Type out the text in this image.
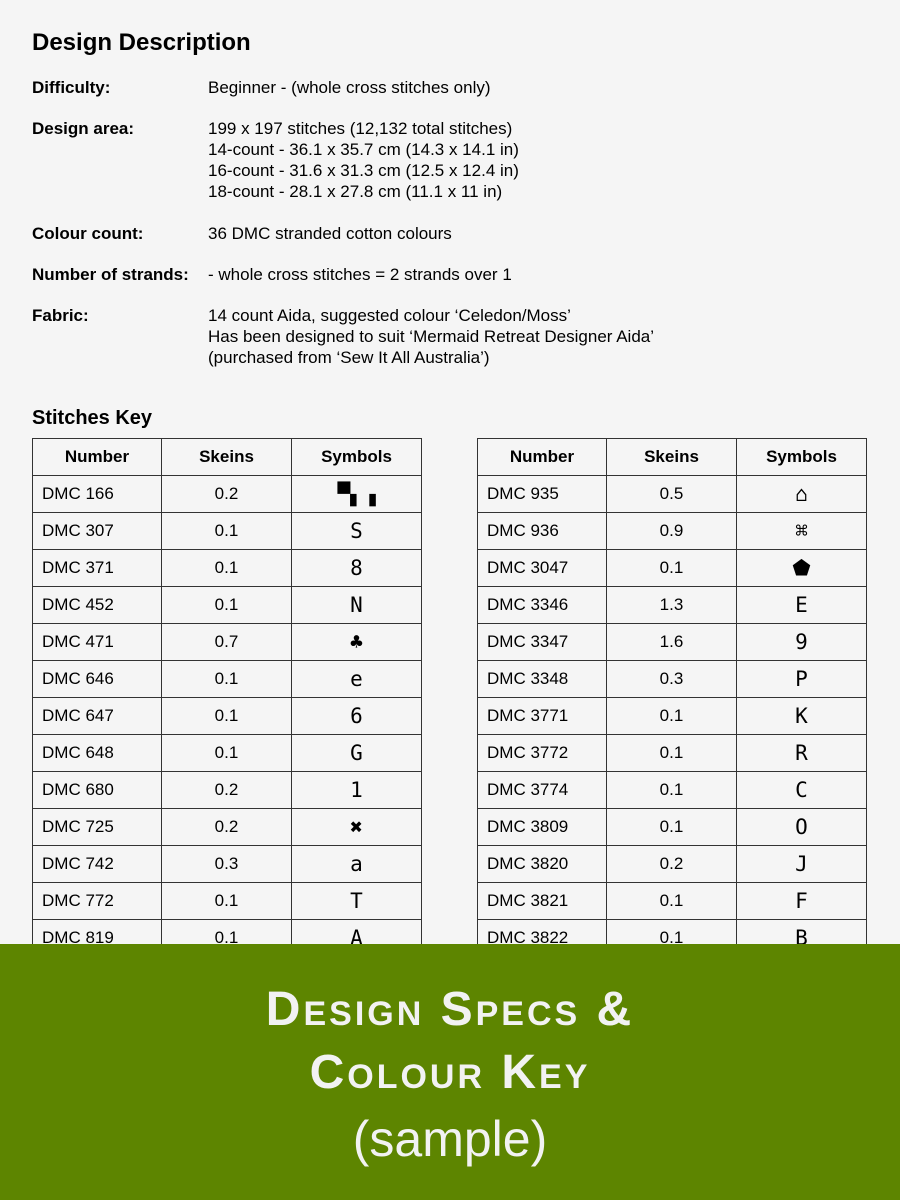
Design Description
Difficulty:	Beginner - (whole cross stitches only)
Design area:	199 x 197 stitches (12,132 total stitches)
14-count - 36.1 x 35.7 cm (14.3 x 14.1 in)
16-count - 31.6 x 31.3 cm (12.5 x 12.4 in)
18-count - 28.1 x 27.8 cm (11.1 x 11 in)
Colour count:	36 DMC stranded cotton colours
Number of strands: - whole cross stitches = 2 strands over 1
Fabric:	14 count Aida, suggested colour ‘Celedon/Moss’
Has been designed to suit ‘Mermaid Retreat Designer Aida’
(purchased from ‘Sew It All Australia’)
Stitches Key
Number	Skeins	Symbols
DMC 166	0.2	▀▖▗
DMC 307	0.1	S
DMC 371	0.1	8
DMC 452	0.1	N
DMC 471	0.7	♣
DMC 646	0.1	e
DMC 647	0.1	6
DMC 648	0.1	G
DMC 680	0.2	1
DMC 725	0.2	✖
DMC 742	0.3	a
DMC 772	0.1	T
DMC 819	0.1	A
Number	Skeins	Symbols
DMC 935	0.5	⌂
DMC 936	0.9	⌘
DMC 3047	0.1	⬟
DMC 3346	1.3	E
DMC 3347	1.6	9
DMC 3348	0.3	P
DMC 3771	0.1	K
DMC 3772	0.1	R
DMC 3774	0.1	C
DMC 3809	0.1	O
DMC 3820	0.2	J
DMC 3821	0.1	F
DMC 3822	0.1	B
Design Specs &
Colour Key
(sample)
